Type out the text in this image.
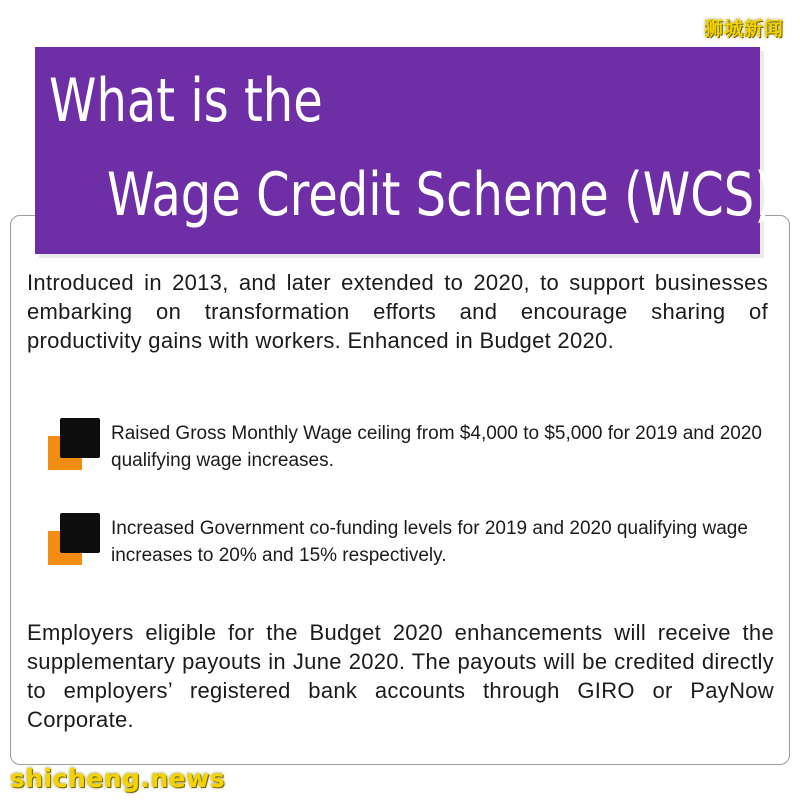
狮城新闻
What is the
Wage Credit Scheme (WCS)?

Introduced in 2013, and later extended to 2020, to support businesses embarking on transformation efforts and encourage sharing of productivity gains with workers. Enhanced in Budget 2020.

Raised Gross Monthly Wage ceiling from $4,000 to $5,000 for 2019 and 2020 qualifying wage increases.

Increased Government co-funding levels for 2019 and 2020 qualifying wage increases to 20% and 15% respectively.

Employers eligible for the Budget 2020 enhancements will receive the supplementary payouts in June 2020. The payouts will be credited directly to employers’ registered bank accounts through GIRO or PayNow Corporate.

shicheng.news
